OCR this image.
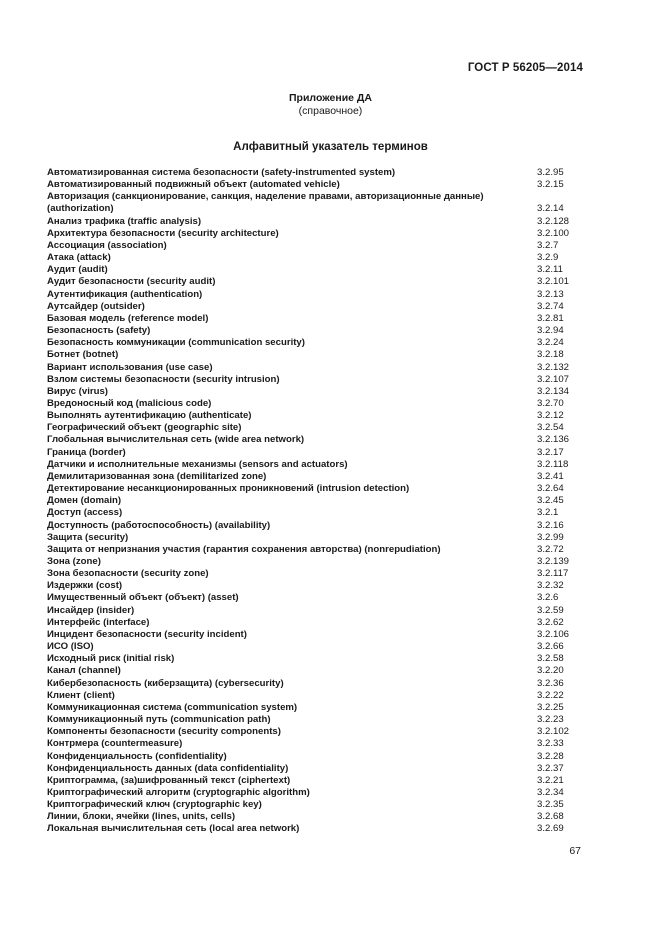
ГОСТ Р 56205—2014
Приложение ДА
(справочное)
Алфавитный указатель терминов
Автоматизированная система безопасности (safety-instrumented system)	3.2.95
Автоматизированный подвижный объект (automated vehicle)	3.2.15
Авторизация (санкционирование, санкция, наделение правами, авторизационные данные)
(authorization)	3.2.14
Анализ трафика (traffic analysis)	3.2.128
Архитектура безопасности (security architecture)	3.2.100
Ассоциация (association)	3.2.7
Атака (attack)	3.2.9
Аудит (audit)	3.2.11
Аудит безопасности (security audit)	3.2.101
Аутентификация (authentication)	3.2.13
Аутсайдер (outsider)	3.2.74
Базовая модель (reference model)	3.2.81
Безопасность (safety)	3.2.94
Безопасность коммуникации (communication security)	3.2.24
Ботнет (botnet)	3.2.18
Вариант использования (use case)	3.2.132
Взлом системы безопасности (security intrusion)	3.2.107
Вирус (virus)	3.2.134
Вредоносный код (malicious code)	3.2.70
Выполнять аутентификацию (authenticate)	3.2.12
Географический объект (geographic site)	3.2.54
Глобальная вычислительная сеть (wide area network)	3.2.136
Граница (border)	3.2.17
Датчики и исполнительные механизмы (sensors and actuators)	3.2.118
Демилитаризованная зона (demilitarized zone)	3.2.41
Детектирование несанкционированных проникновений (intrusion detection)	3.2.64
Домен (domain)	3.2.45
Доступ (access)	3.2.1
Доступность (работоспособность) (availability)	3.2.16
Защита (security)	3.2.99
Защита от непризнания участия (гарантия сохранения авторства) (nonrepudiation)	3.2.72
Зона (zone)	3.2.139
Зона безопасности (security zone)	3.2.117
Издержки (cost)	3.2.32
Имущественный объект (объект) (asset)	3.2.6
Инсайдер (insider)	3.2.59
Интерфейс (interface)	3.2.62
Инцидент безопасности (security incident)	3.2.106
ИСО (ISO)	3.2.66
Исходный риск (initial risk)	3.2.58
Канал (channel)	3.2.20
Кибербезопасность (киберзащита) (cybersecurity)	3.2.36
Клиент (client)	3.2.22
Коммуникационная система (communication system)	3.2.25
Коммуникационный путь (communication path)	3.2.23
Компоненты безопасности (security components)	3.2.102
Контрмера (countermeasure)	3.2.33
Конфиденциальность (confidentiality)	3.2.28
Конфиденциальность данных (data confidentiality)	3.2.37
Криптограмма, (за)шифрованный текст (ciphertext)	3.2.21
Криптографический алгоритм (cryptographic algorithm)	3.2.34
Криптографический ключ (cryptographic key)	3.2.35
Линии, блоки, ячейки (lines, units, cells)	3.2.68
Локальная вычислительная сеть (local area network)	3.2.69
67
